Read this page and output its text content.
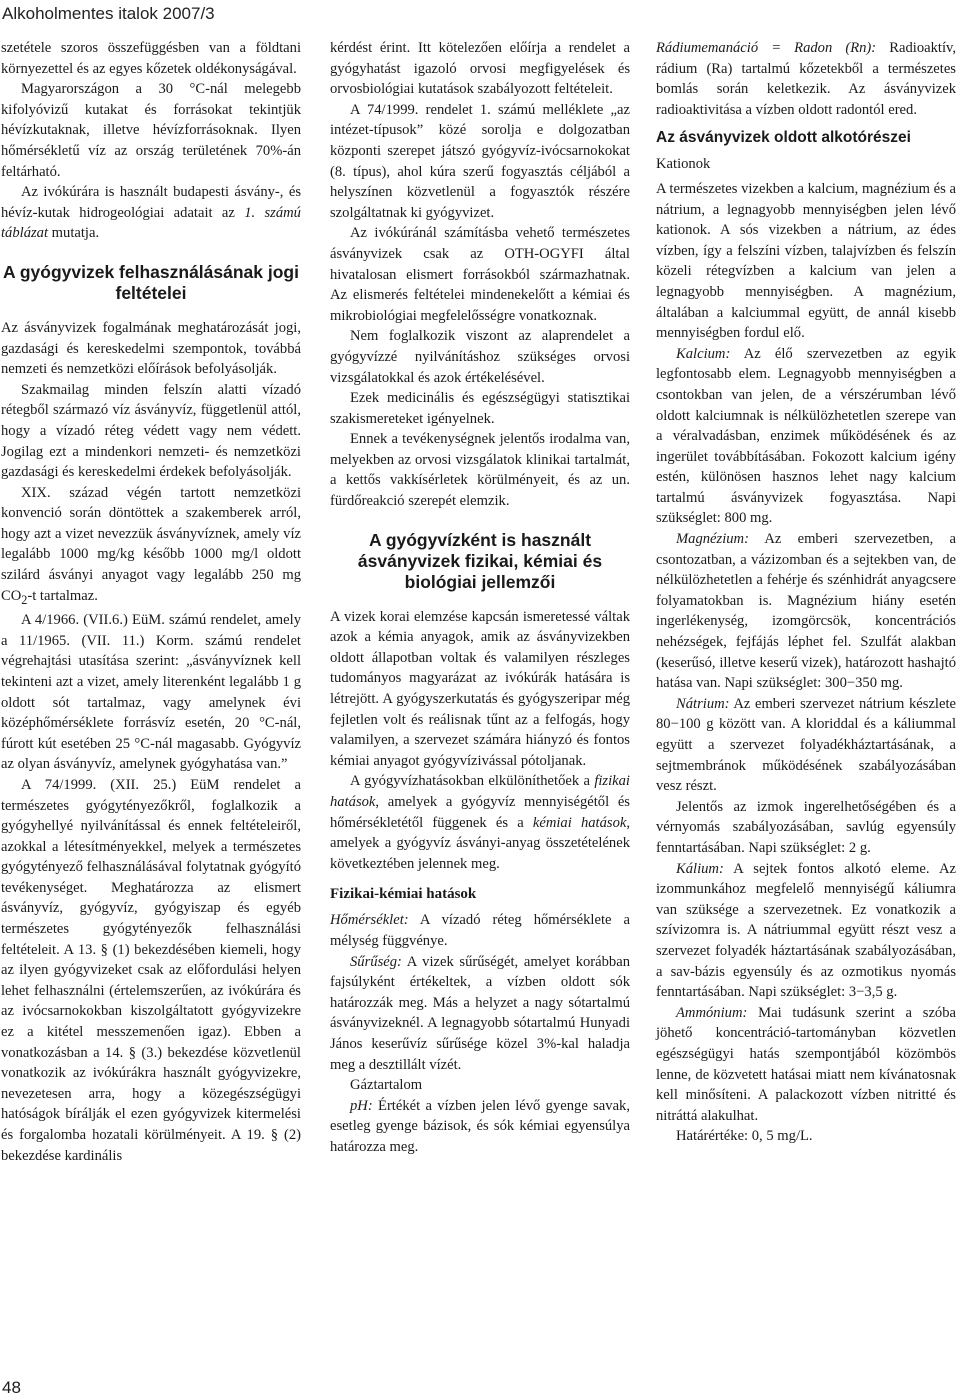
Alkoholmentes italok 2007/3

szetétele szoros összefüggésben van a földtani környezettel és az egyes kőzetek oldékonyságával.

Magyarországon a 30 °C-nál melegebb kifolyóvizű kutakat és forrásokat tekintjük hévízkutaknak, illetve hévízforrásoknak. Ilyen hőmérsékletű víz az ország területének 70%-án feltárható.

Az ivókúrára is használt budapesti ásvány-, és hévíz-kutak hidrogeológiai adatait az 1. számú táblázat mutatja.

A gyógyvizek felhasználásának jogi feltételei

Az ásványvizek fogalmának meghatározását jogi, gazdasági és kereskedelmi szempontok, továbbá nemzeti és nemzetközi előírások befolyásolják.

Szakmailag minden felszín alatti vízadó rétegből származó víz ásványvíz, függetlenül attól, hogy a vízadó réteg védett vagy nem védett. Jogilag ezt a mindenkori nemzeti- és nemzetközi gazdasági és kereskedelmi érdekek befolyásolják.

XIX. század végén tartott nemzetközi konvenció során döntöttek a szakemberek arról, hogy azt a vizet nevezzük ásványvíznek, amely víz legalább 1000 mg/kg később 1000 mg/l oldott szilárd ásványi anyagot vagy legalább 250 mg $CO_2-t$ tartalmaz.

A 4/1966. (VII.6.) EüM. számú rendelet, amely a 11/1965. (VII. 11.) Korm. számú rendelet végrehajtási utasítása szerint: „ásványvíznek kell tekinteni azt a vizet, amely literenként legalább 1 g oldott sót tartalmaz, vagy amelynek évi középhőmérséklete forrásvíz esetén, 20 °C-nál, fúrott kút esetében 25 °C-nál magasabb. Gyógyvíz az olyan ásványvíz, amelynek gyógyhatása van.”

A 74/1999. (XII. 25.) EüM rendelet a természetes gyógytényezőkről, foglalkozik a gyógyhellyé nyilvánítással és ennek feltételeiről, azokkal a létesítményekkel, melyek a természetes gyógytényező felhasználásával folytatnak gyógyító tevékenységet. Meghatározza az elismert ásványvíz, gyógyvíz, gyógyiszap és egyéb természetes gyógytényezők felhasználási feltételeit. A 13. § (1) bekezdésében kiemeli, hogy az ilyen gyógyvizeket csak az előfordulási helyen lehet felhasználni (értelemszerűen, az ivókúrára és az ivócsarnokokban kiszolgáltatott gyógyvizekre ez a kitétel messzemenően igaz). Ebben a vonatkozásban a 14. § (3.) bekezdése közvetlenül vonatkozik az ivókúrákra használt gyógyvizekre, nevezetesen arra, hogy a közegészségügyi hatóságok bírálják el ezen gyógyvizek kitermelési és forgalomba hozatali körülményeit. A 19. § (2) bekezdése kardinális

kérdést érint. Itt kötelezően előírja a rendelet a gyógyhatást igazoló orvosi megfigyelések és orvosbiológiai kutatások szabályozott feltételeit.

A 74/1999. rendelet 1. számú melléklete „az intézet-típusok” közé sorolja e dolgozatban központi szerepet játszó gyógyvíz-ivócsarnokokat (8. típus), ahol kúra szerű fogyasztás céljából a helyszínen közvetlenül a fogyasztók részére szolgáltatnak ki gyógyvizet.

Az ivókúránál számításba vehető természetes ásványvizek csak az OTH-OGYFI által hivatalosan elismert forrásokból származhatnak. Az elismerés feltételei mindenekelőtt a kémiai és mikrobiológiai megfelelősségre vonatkoznak.

Nem foglalkozik viszont az alaprendelet a gyógyvízzé nyilvánításhoz szükséges orvosi vizsgálatokkal és azok értékelésével.

Ezek medicinális és egészségügyi statisztikai szakismereteket igényelnek.

Ennek a tevékenységnek jelentős irodalma van, melyekben az orvosi vizsgálatok klinikai tartalmát, a kettős vakkísérletek körülményeit, és az un. fürdőreakció szerepét elemzik.

A gyógyvízként is használt ásványvizek fizikai, kémiai és biológiai jellemzői

A vizek korai elemzése kapcsán ismeretessé váltak azok a kémia anyagok, amik az ásványvizekben oldott állapotban voltak és valamilyen részleges tudományos magyarázat az ivókúrák hatására is létrejött. A gyógyszerkutatás és gyógyszeripar még fejletlen volt és reálisnak tűnt az a felfogás, hogy valamilyen, a szervezet számára hiányzó és fontos kémiai anyagot gyógyvízivással pótoljanak.

A gyógyvízhatásokban elkülöníthetőek a fizikai hatások, amelyek a gyógyvíz mennyiségétől és hőmérsékletétől függenek és a kémiai hatások, amelyek a gyógyvíz ásványi-anyag összetételének következtében jelennek meg.

Fizikai-kémiai hatások

Hőmérséklet: A vízadó réteg hőmérséklete a mélység függvénye.

Sűrűség: A vizek sűrűségét, amelyet korábban fajsúlyként értékeltek, a vízben oldott sók határozzák meg. Más a helyzet a nagy sótartalmú ásványvizeknél. A legnagyobb sótartalmú Hunyadi János keserűvíz sűrűsége közel 3%-kal haladja meg a desztillált vízét.

Gáztartalom

pH: Értékét a vízben jelen lévő gyenge savak, esetleg gyenge bázisok, és sók kémiai egyensúlya határozza meg.

Rádiumemanáció = Radon (Rn): Radioaktív, rádium (Ra) tartalmú kőzetekből a természetes bomlás során keletkezik. Az ásványvizek radioaktivitása a vízben oldott radontól ered.

Az ásványvizek oldott alkotórészei

Kationok

A természetes vizekben a kalcium, magnézium és a nátrium, a legnagyobb mennyiségben jelen lévő kationok. A sós vizekben a nátrium, az édes vízben, így a felszíni vízben, talajvízben és felszín közeli rétegvízben a kalcium van jelen a legnagyobb mennyiségben. A magnézium, általában a kalciummal együtt, de annál kisebb mennyiségben fordul elő.

Kalcium: Az élő szervezetben az egyik legfontosabb elem. Legnagyobb mennyiségben a csontokban van jelen, de a vérszérumban lévő oldott kalciumnak is nélkülözhetetlen szerepe van a véralvadásban, enzimek működésének és az ingerület továbbításában. Fokozott kalcium igény estén, különösen hasznos lehet nagy kalcium tartalmú ásványvizek fogyasztása. Napi szükséglet: 800 mg.

Magnézium: Az emberi szervezetben, a csontozatban, a vázizomban és a sejtekben van, de nélkülözhetetlen a fehérje és szénhidrát anyagcsere folyamatokban is. Magnézium hiány esetén ingerlékenység, izomgörcsök, koncentrációs nehézségek, fejfájás léphet fel. Szulfát alakban (keserűsó, illetve keserű vizek), határozott hashajtó hatása van. Napi szükséglet: 300−350 mg.

Nátrium: Az emberi szervezet nátrium készlete 80−100 g között van. A kloriddal és a káliummal együtt a szervezet folyadékháztartásának, a sejtmembránok működésének szabályozásában vesz részt.

Jelentős az izmok ingerelhetőségében és a vérnyomás szabályozásában, savlúg egyensúly fenntartásában. Napi szükséglet: 2 g.

Kálium: A sejtek fontos alkotó eleme. Az izommunkához megfelelő mennyiségű káliumra van szüksége a szervezetnek. Ez vonatkozik a szívizomra is. A nátriummal együtt részt vesz a szervezet folyadék háztartásának szabályozásában, a sav-bázis egyensúly és az ozmotikus nyomás fenntartásában. Napi szükséglet: 3−3,5 g.

Ammónium: Mai tudásunk szerint a szóba jöhető koncentráció-tartományban közvetlen egészségügyi hatás szempontjából közömbös lenne, de közvetett hatásai miatt nem kívánatosnak kell minősíteni. A palackozott vízben nitritté és nitráttá alakulhat.

Határértéke: 0, 5 mg/L.

48
